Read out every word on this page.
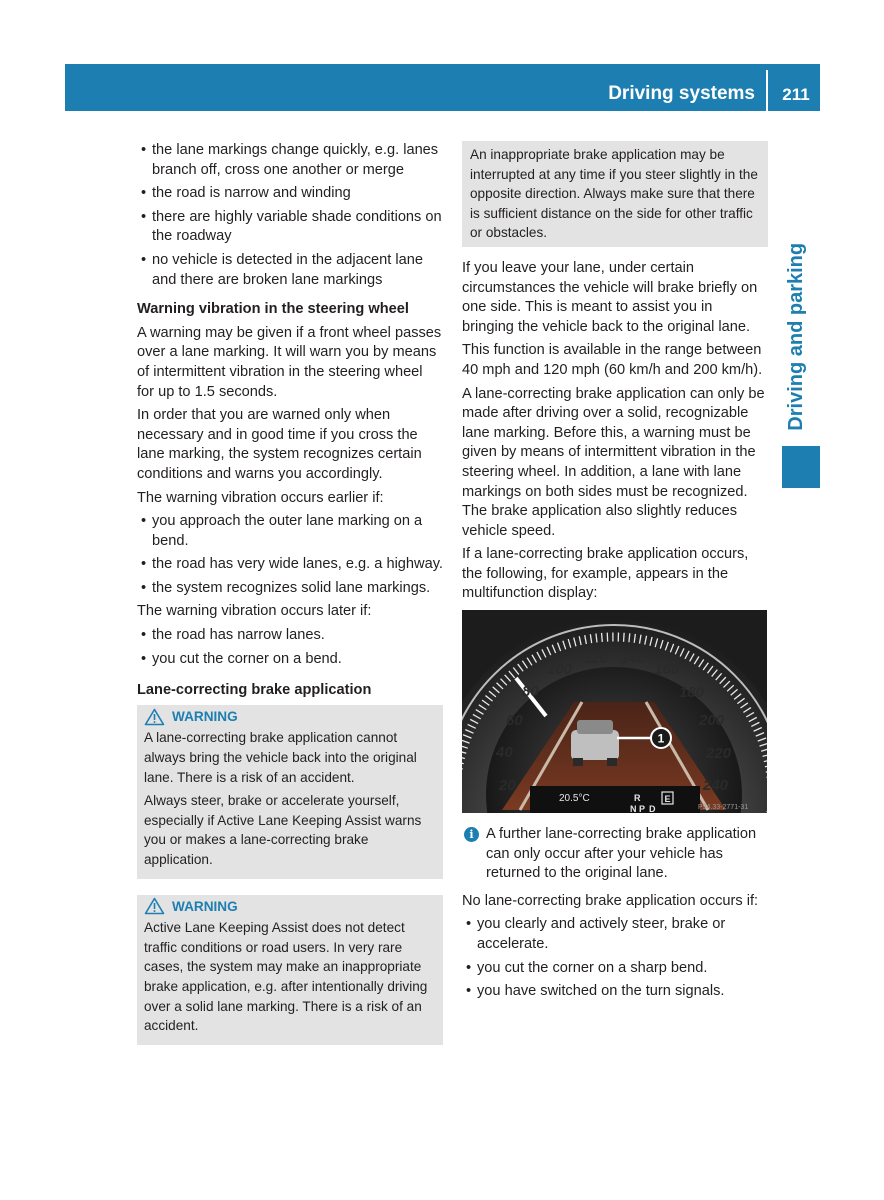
Driving systems	211
Driving and parking
• the lane markings change quickly, e.g. lanes branch off, cross one another or merge
• the road is narrow and winding
• there are highly variable shade conditions on the roadway
• no vehicle is detected in the adjacent lane and there are broken lane markings
Warning vibration in the steering wheel

A warning may be given if a front wheel passes over a lane marking. It will warn you by means of intermittent vibration in the steering wheel for up to 1.5 seconds.

In order that you are warned only when necessary and in good time if you cross the lane marking, the system recognizes certain conditions and warns you accordingly.

The warning vibration occurs earlier if:

• you approach the outer lane marking on a bend.
• the road has very wide lanes, e.g. a highway.
• the system recognizes solid lane markings.

The warning vibration occurs later if:

• the road has narrow lanes.
• you cut the corner on a bend.
Lane-correcting brake application
WARNING

A lane-correcting brake application cannot always bring the vehicle back into the original lane. There is a risk of an accident.

Always steer, brake or accelerate yourself, especially if Active Lane Keeping Assist warns you or makes a lane-correcting brake application.

WARNING

Active Lane Keeping Assist does not detect traffic conditions or road users. In very rare cases, the system may make an inappropriate brake application, e.g. after intentionally driving over a solid lane marking. There is a risk of an accident.

An inappropriate brake application may be interrupted at any time if you steer slightly in the opposite direction. Always make sure that there is sufficient distance on the side for other traffic or obstacles.

If you leave your lane, under certain circumstances the vehicle will brake briefly on one side. This is meant to assist you in bringing the vehicle back to the original lane.

This function is available in the range between 40 mph and 120 mph (60 km/h and 200 km/h).

A lane-correcting brake application can only be made after driving over a solid, recognizable lane marking. Before this, a warning must be given by means of intermittent vibration in the steering wheel. In addition, a lane with lane markings on both sides must be recognized. The brake application also slightly reduces vehicle speed.

If a lane-correcting brake application occurs, the following, for example, appears in the multifunction display:

1
20
40
60
80
100
120 140
160
180
200
220
240
20.5°C	R
N P D
E
P54.33-2771-31
i A further lane-correcting brake application can only occur after your vehicle has returned to the original lane.

No lane-correcting brake application occurs if:

• you clearly and actively steer, brake or accelerate.
• you cut the corner on a sharp bend.
• you have switched on the turn signals.
